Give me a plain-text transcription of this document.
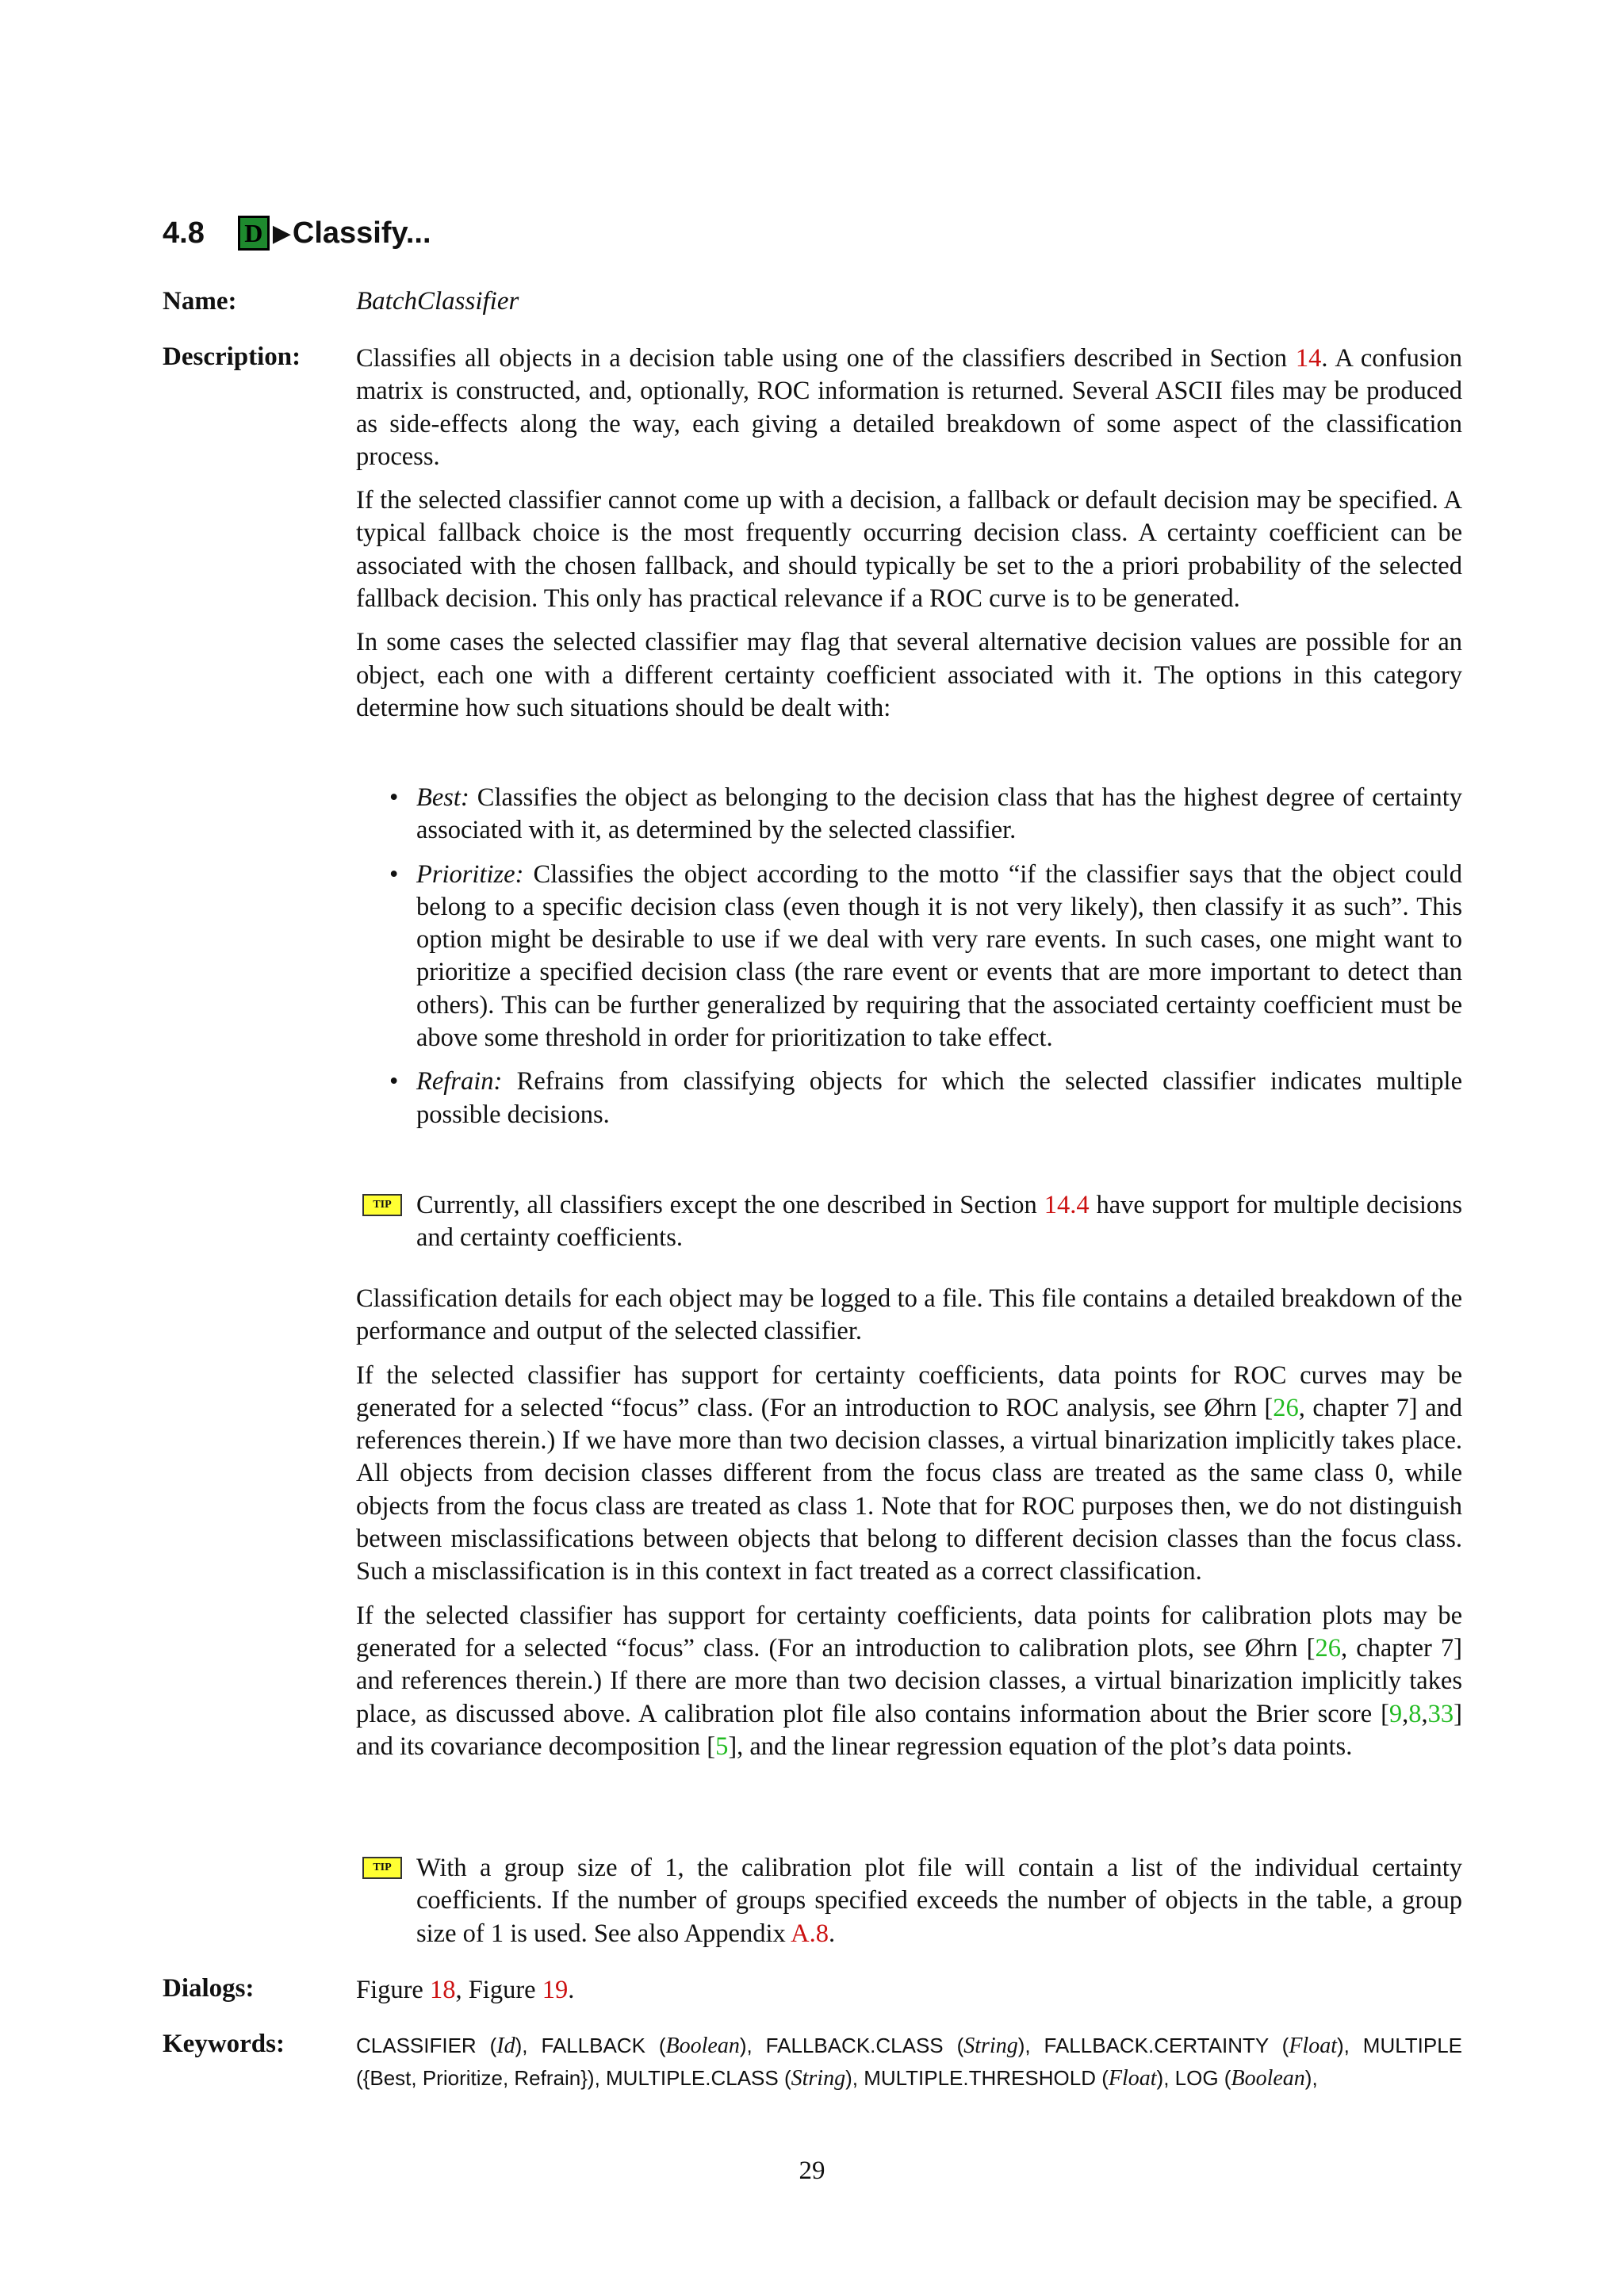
4.8 D ▶ Classify...
Name:	BatchClassifier
Description: Classifies all objects in a decision table using one of the classifiers described in Section 14. A confusion matrix is constructed, and, optionally, ROC information is returned. Several ASCII files may be produced as side-effects along the way, each giving a detailed breakdown of some aspect of the classification process.

If the selected classifier cannot come up with a decision, a fallback or default decision may be specified. A typical fallback choice is the most frequently occurring decision class. A certainty coefficient can be associated with the chosen fallback, and should typically be set to the a priori probability of the selected fallback decision. This only has practical relevance if a ROC curve is to be generated.

In some cases the selected classifier may flag that several alternative decision values are possible for an object, each one with a different certainty coefficient associated with it. The options in this category determine how such situations should be dealt with:

• Best: Classifies the object as belonging to the decision class that has the highest degree of certainty associated with it, as determined by the selected classifier.
• Prioritize: Classifies the object according to the motto “if the classifier says that the object could belong to a specific decision class (even though it is not very likely), then classify it as such”. This option might be desirable to use if we deal with very rare events. In such cases, one might want to prioritize a specified decision class (the rare event or events that are more important to detect than others). This can be further generalized by requiring that the associated certainty coefficient must be above some threshold in order for prioritization to take effect.
• Refrain: Refrains from classifying objects for which the selected classifier indicates multiple possible decisions.
TIP Currently, all classifiers except the one described in Section 14.4 have support for multiple decisions and certainty coefficients.

Classification details for each object may be logged to a file. This file contains a detailed breakdown of the performance and output of the selected classifier.

If the selected classifier has support for certainty coefficients, data points for ROC curves may be generated for a selected “focus” class. (For an introduction to ROC analysis, see Øhrn [26, chapter 7] and references therein.) If we have more than two decision classes, a virtual binarization implicitly takes place. All objects from decision classes different from the focus class are treated as the same class 0, while objects from the focus class are treated as class 1. Note that for ROC purposes then, we do not distinguish between misclassifications between objects that belong to different decision classes than the focus class. Such a misclassification is in this context in fact treated as a correct classification.

If the selected classifier has support for certainty coefficients, data points for calibration plots may be generated for a selected “focus” class. (For an introduction to calibration plots, see Øhrn [26, chapter 7] and references therein.) If there are more than two decision classes, a virtual binarization implicitly takes place, as discussed above. A calibration plot file also contains information about the Brier score [9,8,33] and its covariance decomposition [5], and the linear regression equation of the plot’s data points.

TIP With a group size of 1, the calibration plot file will contain a list of the individual certainty coefficients. If the number of groups specified exceeds the number of objects in the table, a group size of 1 is used. See also Appendix A.8.
Dialogs:	Figure 18, Figure 19.
Keywords:	CLASSIFIER (Id), FALLBACK (Boolean), FALLBACK.CLASS (String), FALLBACK.CERTAINTY (Float), MULTIPLE ({Best, Prioritize, Refrain}), MULTIPLE.CLASS (String), MULTIPLE.THRESHOLD (Float), LOG (Boolean),
29
